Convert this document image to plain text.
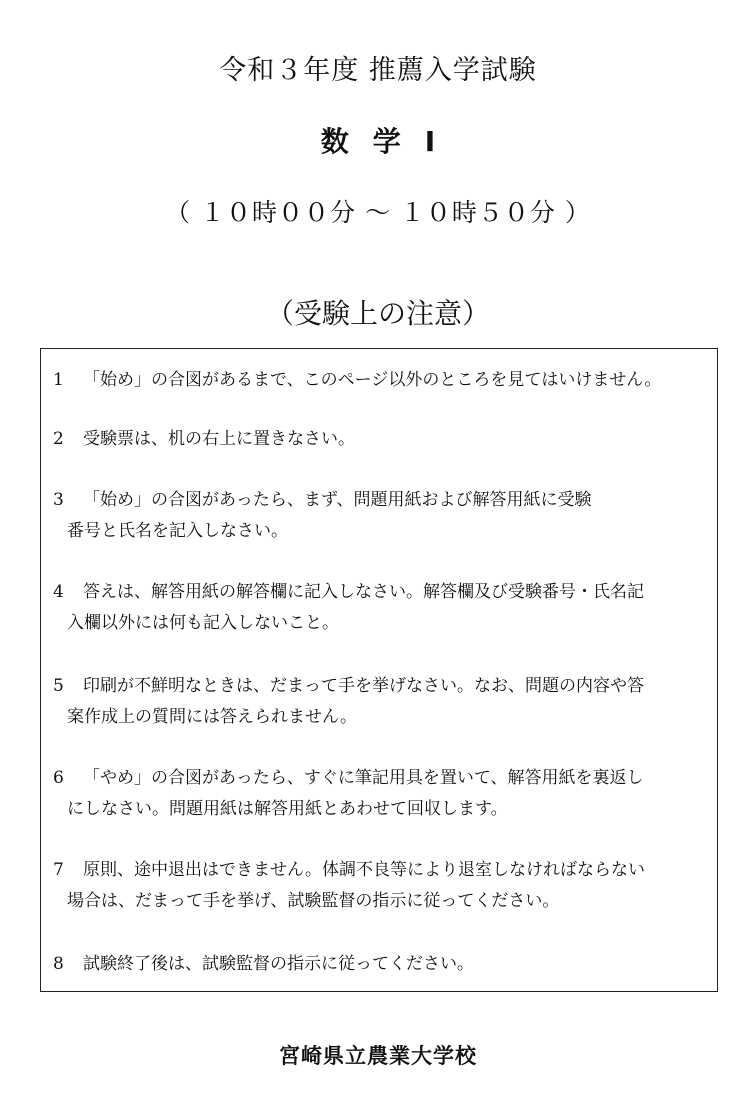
令和３年度 推薦入学試験
数学Ⅰ
（ １０時００分 ～ １０時５０分 ）
（受験上の注意）
1 「始め」の合図があるまで、このページ以外のところを見てはいけません。
2 受験票は、机の右上に置きなさい。
3 「始め」の合図があったら、まず、問題用紙および解答用紙に受験
番号と氏名を記入しなさい。
4 答えは、解答用紙の解答欄に記入しなさい。解答欄及び受験番号・氏名記
入欄以外には何も記入しないこと。
5 印刷が不鮮明なときは、だまって手を挙げなさい。なお、問題の内容や答
案作成上の質問には答えられません。
6 「やめ」の合図があったら、すぐに筆記用具を置いて、解答用紙を裏返し
にしなさい。問題用紙は解答用紙とあわせて回収します。
7 原則、途中退出はできません。体調不良等により退室しなければならない
場合は、だまって手を挙げ、試験監督の指示に従ってください。
8 試験終了後は、試験監督の指示に従ってください。
宮崎県立農業大学校
